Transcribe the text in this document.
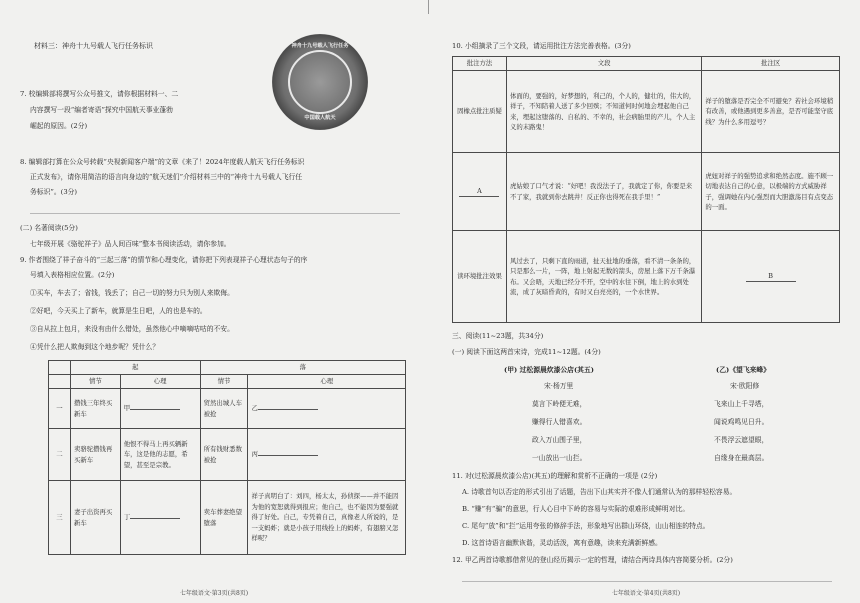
材料三：神舟十九号载人飞行任务标识	神舟十九号载人飞行任务
中国载人航天
7. 校编辑部将撰写公众号推文，请你根据材料一、二
内容撰写一段“编者寄语”探究中国航天事业蓬勃
崛起的原因。(2分)
8. 编辑部打算在公众号转载“央视新闻客户端”的文章《来了！2024年度载人航天飞行任务标识
正式发布》，请你用简洁的语言向身边的“航天迷们”介绍材料三中的“神舟十九号载人飞行任
务标识”。(3分)
(二) 名著阅读(5分)
七年级开展《骆驼祥子》品人间百味”整本书阅读活动，请你参加。
9. 作者围绕了祥子奋斗的“三起三落”的情节和心理变化，请你把下列表现祥子心理状态句子的序
号填入表格相应位置。(2分)
①买车，车去了；省钱，钱丢了；自己一切的努力只为别人来欺侮。
②好吧，今天买上了新车，就算是生日吧，人的也是车的。
③自从拉上包月，来没有由什么错处，虽然他心中嘀嘀咕咕的不安。
④凭什么把人欺侮到这个地步呢？凭什么？
	起		落	
	情节	心理	情节	心理
一	攒钱三年终买新车	甲	贸然出城人车被抢	乙
二	卖骆驼攒钱再买新车	他恨不得马上再买辆新车，这是他的志愿，希望，甚至是宗教。	所有钱财悉数被抢	丙
三	妻子出资再买新车	丁	卖车葬妻绝望堕落	祥子真明白了：刘四，杨太太，孙侦探——并不能因为他的宽恕就得到报应；他自己，也不能因为要强就得了好处。自己，专凭着自己，真像老人所说的，是一支蚂蚱；就是小孩子用线拴上的蚂蚱，有翅膀又怎样呢？
七年级语文·第3页(共8页)
10. 小组摘录了三个文段，请运用批注方法完善表格。(3分)
批注方法	文段	批注区
固橡点批注质疑	体面的，要强的，好梦想的，利己的，个人的，健壮的，伟大的，祥子，不知陪着人送了多少回殡；不知道何时何地会埋起他自己来，埋起这堕落的、自私的、不幸的，社会病胎里的产儿，个人主义的末路鬼！	祥子的堕落是否完全不可避免？若社会环境稍有改善，或他遇到更多善意，是否可能坚守底线？为什么多用逗号？
A	虎姑娘了口气才说：“好吧！我没法子了，我就定了你，你要是来不了家，我就到你去跳井！反正你也得死在我手里！”	虎妞对祥子的强势追求和绝然态度。施不顾一切地表达自己的心意，以极端的方式威胁祥子，强调她在内心强烈而大胆激荡目有点变态的一面。
读环境批注效果	风过去了，只剩下直的雨道，扯天扯地的垂落，看不清一条条的，只是那么一片，一阵，地上射起无数的箭头，房屋上落下万千条瀑布。又会晤，天地已经分不开，空中的水往下倒，地上的水到处流，成了灰暗昏黄的，有时又白亮亮的，一个水世界。	B
三、阅读(11~23题，共34分)
(一) 阅读下面这两首宋诗，完成11~12题。(4分)
(甲) 过松源晨炊漆公店(其五)
宋·杨万里
莫言下岭便无难，
赚得行人错喜欢。
政入万山围子里，
一山放出一山拦。
(乙)《望飞来峰》
宋·欧阳修
飞来山上千寻塔，
闻说鸡鸣见日升。
不畏浮云遮望眼，
自缘身在最高层。
11. 对(过松源晨炊漆公店)(其五)的理解和赏析不正确的一项是 (2分)
A. 诗歌首句以否定的形式引出了话题，告出下山其实并不像人们通常认为的那样轻松容易。
B. “赚”有“骗”的意思，行人心目中下岭的容易与实际的艰难形成鲜明对比。
C. 尾句“放”和“拦”运用夸张的修辞手法，形象地写出群山环绕，山山相连的特点。
D. 这首诗语言幽默诙谐，灵动活泼，寓有意趣，读来充满新鲜感。
12. 甲乙两首诗歌都借常见的登山经历揭示一定的哲理，请结合两诗具体内容简要分析。(2分)
七年级语文·第4页(共8页)
